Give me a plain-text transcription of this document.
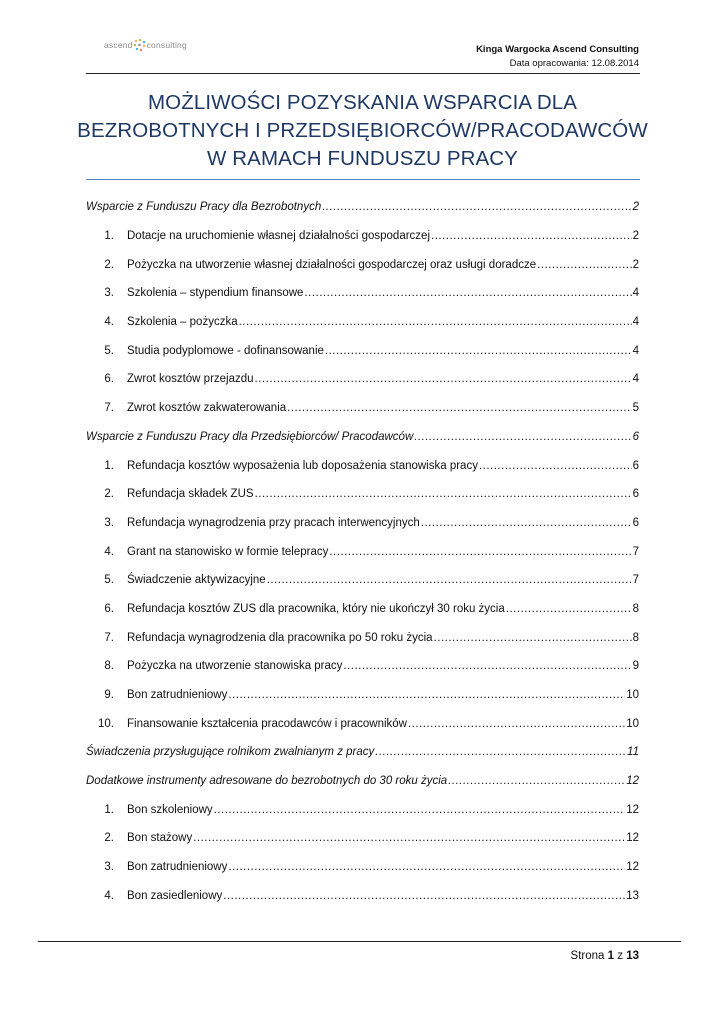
ascend consulting	Kinga Wargocka Ascend Consulting
Data opracowania: 12.08.2014
MOŻLIWOŚCI POZYSKANIA WSPARCIA DLA
BEZROBOTNYCH I PRZEDSIĘBIORCÓW/PRACODAWCÓW
W RAMACH FUNDUSZU PRACY
Wsparcie z Funduszu Pracy dla Bezrobotnych .....	2
1. Dotacje na uruchomienie własnej działalności gospodarczej .....	2
2. Pożyczka na utworzenie własnej działalności gospodarczej oraz usługi doradcze .....	2
3. Szkolenia – stypendium finansowe .....	4
4. Szkolenia – pożyczka .....	4
5. Studia podyplomowe - dofinansowanie .....	4
6. Zwrot kosztów przejazdu .....	4
7. Zwrot kosztów zakwaterowania .....	5
Wsparcie z Funduszu Pracy dla Przedsiębiorców/ Pracodawców .....	6
1. Refundacja kosztów wyposażenia lub doposażenia stanowiska pracy .....	6
2. Refundacja składek ZUS .....	6
3. Refundacja wynagrodzenia przy pracach interwencyjnych .....	6
4. Grant na stanowisko w formie telepracy .....	7
5. Świadczenie aktywizacyjne .....	7
6. Refundacja kosztów ZUS dla pracownika, który nie ukończył 30 roku życia .....	8
7. Refundacja wynagrodzenia dla pracownika po 50 roku życia .....	8
8. Pożyczka na utworzenie stanowiska pracy .....	9
9. Bon zatrudnieniowy .....	10
10. Finansowanie kształcenia pracodawców i pracowników .....	10
Świadczenia przysługujące rolnikom zwalnianym z pracy .....	11
Dodatkowe instrumenty adresowane do bezrobotnych do 30 roku życia .....	12
1. Bon szkoleniowy .....	12
2. Bon stażowy .....	12
3. Bon zatrudnieniowy .....	12
4. Bon zasiedleniowy .....	13
Strona 1 z 13
